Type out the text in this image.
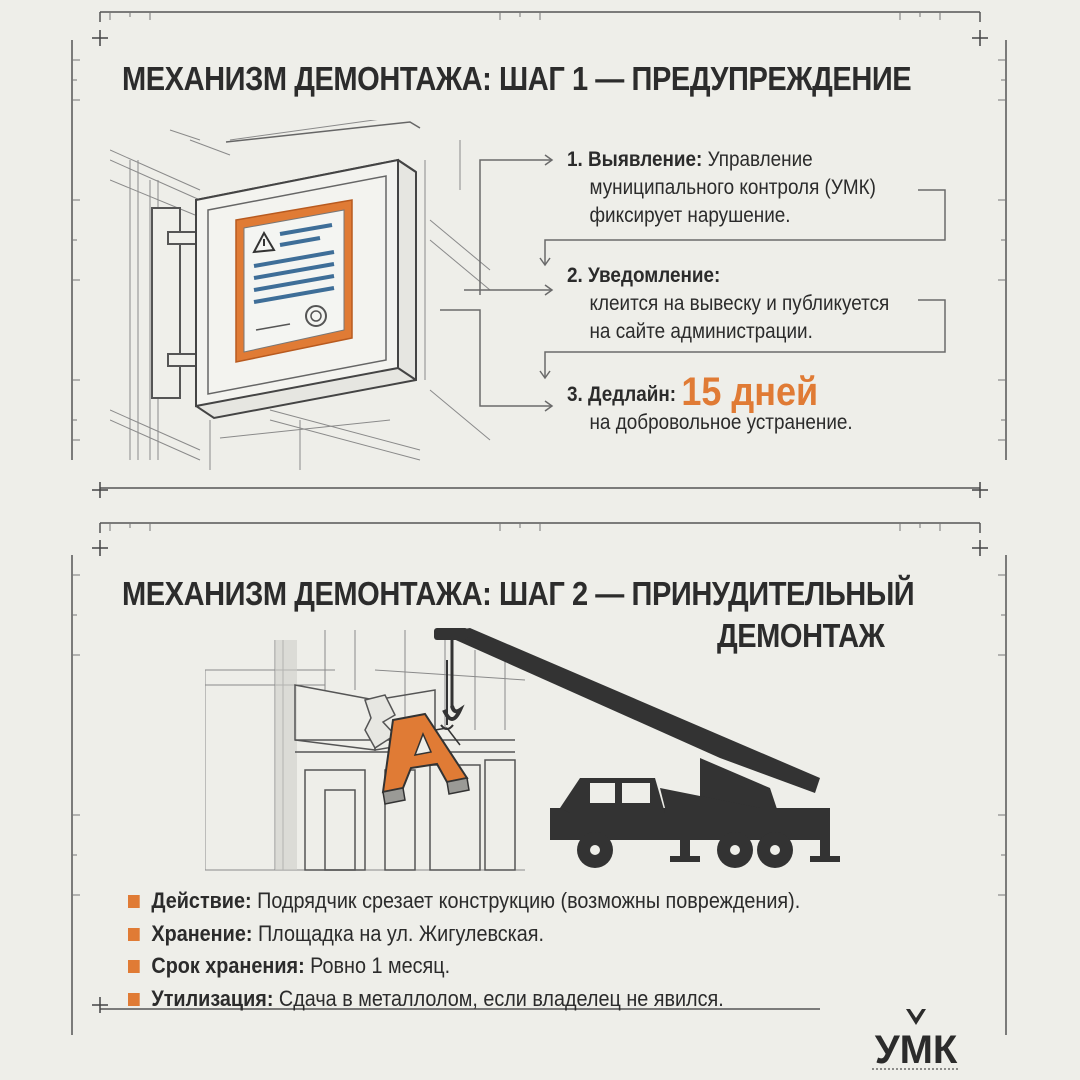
МЕХАНИЗМ ДЕМОНТАЖА: ШАГ 1 — ПРЕДУПРЕЖДЕНИЕ
1. Выявление: Управление
муниципального контроля (УМК)
фиксирует нарушение.
2. Уведомление:
клеится на вывеску и публикуется
на сайте администрации.
3. Дедлайн: 15 дней
на добровольное устранение.
МЕХАНИЗМ ДЕМОНТАЖА: ШАГ 2 — ПРИНУДИТЕЛЬНЫЙ
ДЕМОНТАЖ
Действие: Подрядчик срезает конструкцию (возможны повреждения).
Хранение: Площадка на ул. Жигулевская.
Срок хранения: Ровно 1 месяц.
Утилизация: Сдача в металлолом, если владелец не явился.
УМК
